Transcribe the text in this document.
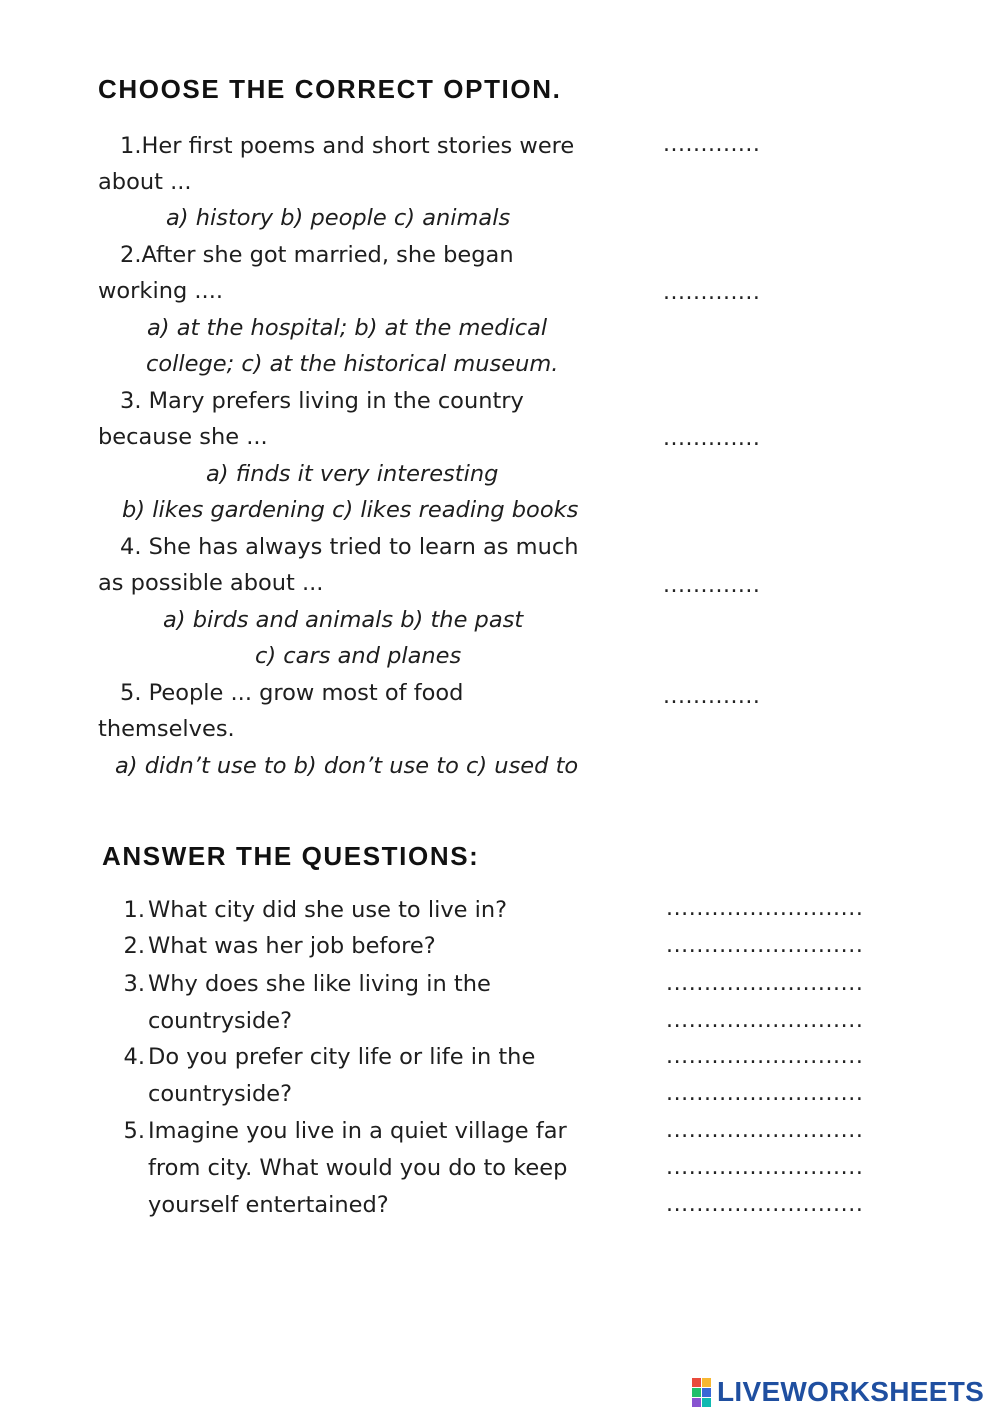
CHOOSE THE CORRECT OPTION.
1.Her first poems and short stories were	.............
about ...
a) history b) people c) animals
2.After she got married, she began
working ....	.............
a) at the hospital; b) at the medical
college; c) at the historical museum.
3. Mary prefers living in the country
because she ...	.............
a) finds it very interesting
b) likes gardening c) likes reading books
4. She has always tried to learn as much
as possible about ...	.............
a) birds and animals b) the past
c) cars and planes
5. People ... grow most of food	.............
themselves.
a) didn’t use to b) don’t use to c) used to
ANSWER THE QUESTIONS:
1. What city did she use to live in?	..........................
2. What was her job before?	..........................
3. Why does she like living in the	..........................
countryside?	..........................
4. Do you prefer city life or life in the	..........................
countryside?	..........................
5. Imagine you live in a quiet village far	..........................
from city. What would you do to keep	..........................
yourself entertained?	..........................
LIVEWORKSHEETS
